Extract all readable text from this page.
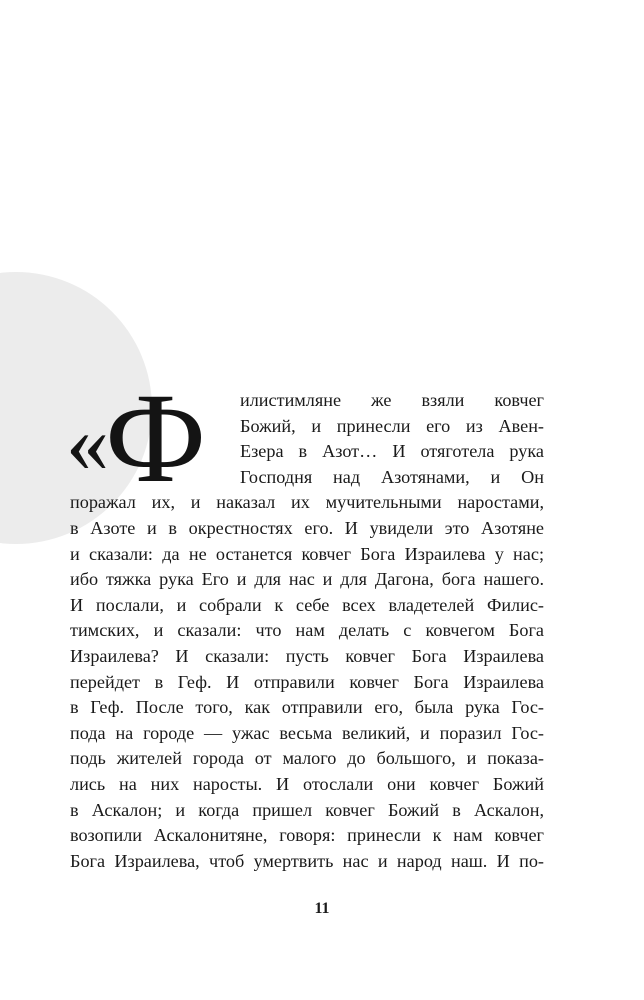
«
Ф илистимляне же взяли ковчег
Божий, и принесли его из Авен-
Езера в Азот… И отяготела рука
Господня над Азотянами, и Он
поражал их, и наказал их мучительными наростами,
в Азоте и в окрестностях его. И увидели это Азотяне
и сказали: да не останется ковчег Бога Израилева у нас;
ибо тяжка рука Его и для нас и для Дагона, бога нашего.
И послали, и собрали к себе всех владетелей Филис-
тимских, и сказали: что нам делать с ковчегом Бога
Израилева? И сказали: пусть ковчег Бога Израилева
перейдет в Геф. И отправили ковчег Бога Израилева
в Геф. После того, как отправили его, была рука Гос-
пода на городе — ужас весьма великий, и поразил Гос-
подь жителей города от малого до большого, и показа-
лись на них наросты. И отослали они ковчег Божий
в Аскалон; и когда пришел ковчег Божий в Аскалон,
возопили Аскалонитяне, говоря: принесли к нам ковчег
Бога Израилева, чтоб умертвить нас и народ наш. И по-
11
